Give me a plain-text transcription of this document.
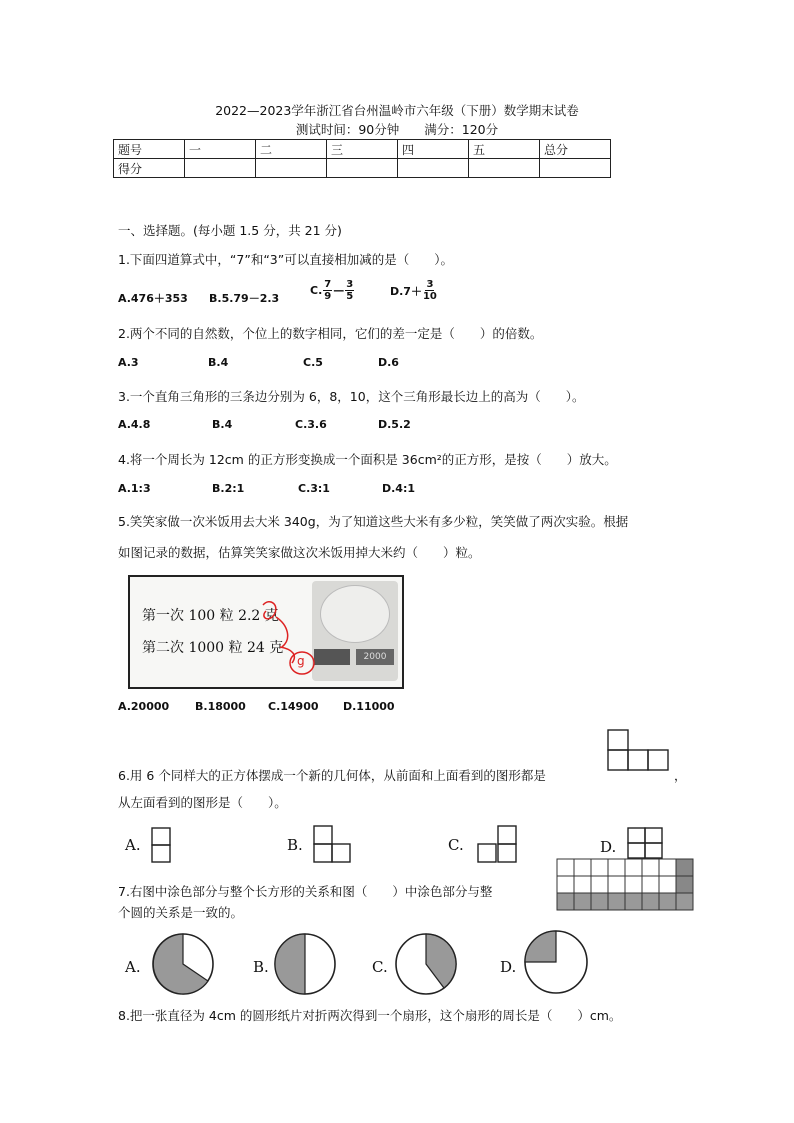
2022—2023学年浙江省台州温岭市六年级（下册）数学期末试卷
测试时间：90分钟　　满分：120分
题号	一	二	三	四	五	总分
得分						
一、选择题。(每小题 1.5 分，共 21 分)
1.下面四道算式中，“7”和“3”可以直接相加减的是（　　）。
A.476＋353 B.5.79－2.3
C. $\frac{7}{9}$ — $\frac{3}{5}$	$D.7+ \frac{3}{10}$
2.两个不同的自然数，个位上的数字相同，它们的差一定是（　　）的倍数。
A.3	B.4	C.5	D.6
3.一个直角三角形的三条边分别为 6，8，10，这个三角形最长边上的高为（　　）。
A.4.8	B.4	C.3.6	D.5.2
4.将一个周长为 12cm 的正方形变换成一个面积是 36cm²的正方形，是按（　　）放大。
A.1:3	B.2:1	C.3:1	D.4:1
5.笑笑家做一次米饭用去大米 340g，为了知道这些大米有多少粒，笑笑做了两次实验。根据
如图记录的数据，估算笑笑家做这次米饭用掉大米约（　　）粒。
第一次 100 粒 2.2 克
第二次 1000 粒 24 克
2000
g
A.20000 B.18000 C.14900 D.11000
6.用 6 个同样大的正方体摆成一个新的几何体，从前面和上面看到的图形都是	，
从左面看到的图形是（　　）。
A.	B.	C.	D.
7.右图中涂色部分与整个长方形的关系和图（　　）中涂色部分与整
个圆的关系是一致的。
A.	B.	C.	D.
8.把一张直径为 4cm 的圆形纸片对折两次得到一个扇形，这个扇形的周长是（　　）cm。
